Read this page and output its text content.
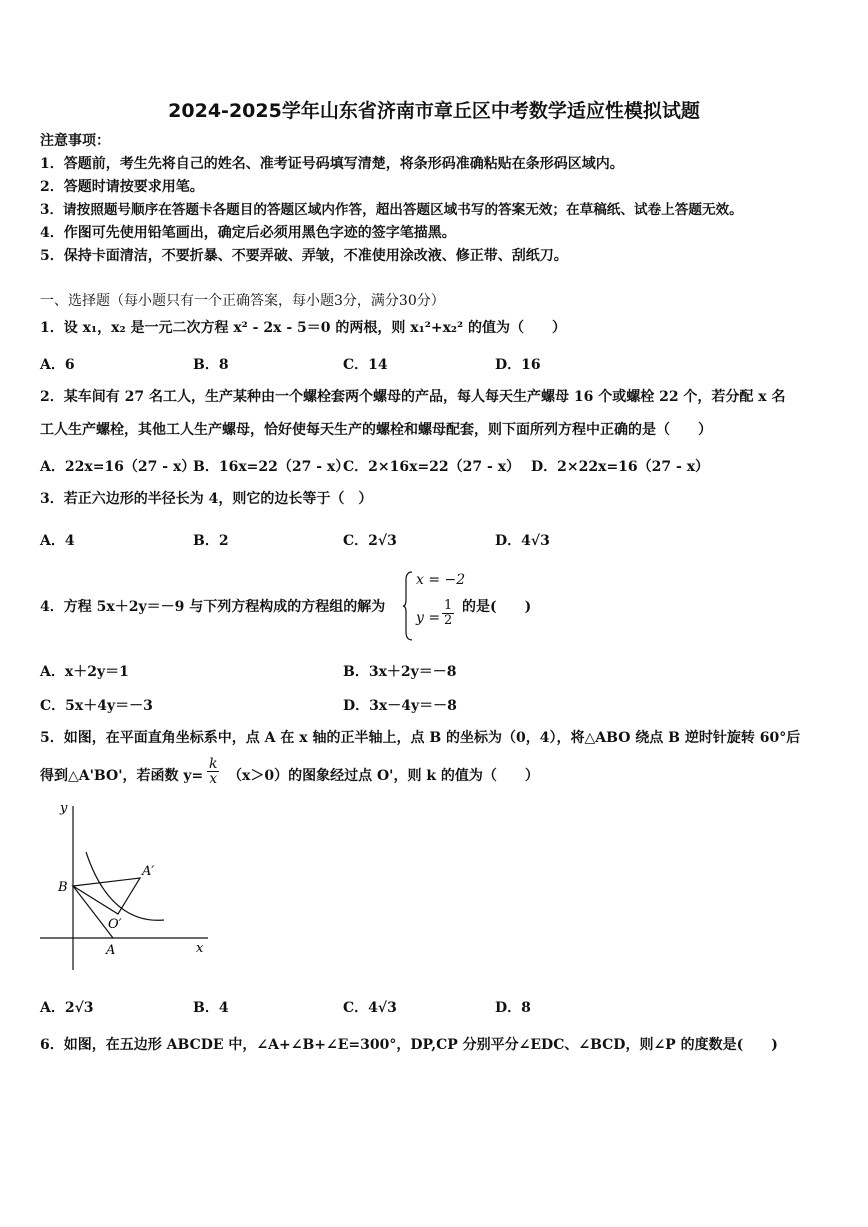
2024-2025学年山东省济南市章丘区中考数学适应性模拟试题
注意事项：
1．答题前，考生先将自己的姓名、准考证号码填写清楚，将条形码准确粘贴在条形码区域内。
2．答题时请按要求用笔。
3．请按照题号顺序在答题卡各题目的答题区域内作答，超出答题区域书写的答案无效；在草稿纸、试卷上答题无效。
4．作图可先使用铅笔画出，确定后必须用黑色字迹的签字笔描黑。
5．保持卡面清洁，不要折暴、不要弄破、弄皱，不准使用涂改液、修正带、刮纸刀。
一、选择题（每小题只有一个正确答案，每小题3分，满分30分）
1．设 x₁，x₂ 是一元二次方程 x² - 2x - 5＝0 的两根，则 x₁²+x₂² 的值为（　　）
A．6	B．8	C．14	D．16
2．某车间有 27 名工人，生产某种由一个螺栓套两个螺母的产品，每人每天生产螺母 16 个或螺栓 22 个，若分配 x 名
工人生产螺栓，其他工人生产螺母，恰好使每天生产的螺栓和螺母配套，则下面所列方程中正确的是（　　）
A．22x=16（27 - x）
B．16x=22（27 - x）
C．2×16x=22（27 - x） D．2×22x=16（27 - x）
3．若正六边形的半径长为 4，则它的边长等于（　）
A．4	B．2	C．2√3	D．4√3
4．方程 5x＋2y＝－9 与下列方程构成的方程组的解为
x = −2
$y = \frac{1}{2}$ 的是(　　)
A．x＋2y＝1	B．3x＋2y＝－8
C．5x＋4y＝－3	D．3x－4y＝－8
5．如图，在平面直角坐标系中，点 A 在 x 轴的正半轴上，点 B 的坐标为（0，4），将△ABO 绕点 B 逆时针旋转 60°后
得到△A'BO'，若函数 $y= \frac{k}{x} (x>0)$的图象经过点 O'，则 k 的值为（　　）
y
x
B
A
A′
O′
A．2√3	B．4	C．4√3	D．8
6．如图，在五边形 ABCDE 中，∠A+∠B+∠E=300°，DP,CP 分别平分∠EDC、∠BCD，则∠P 的度数是(　　)
